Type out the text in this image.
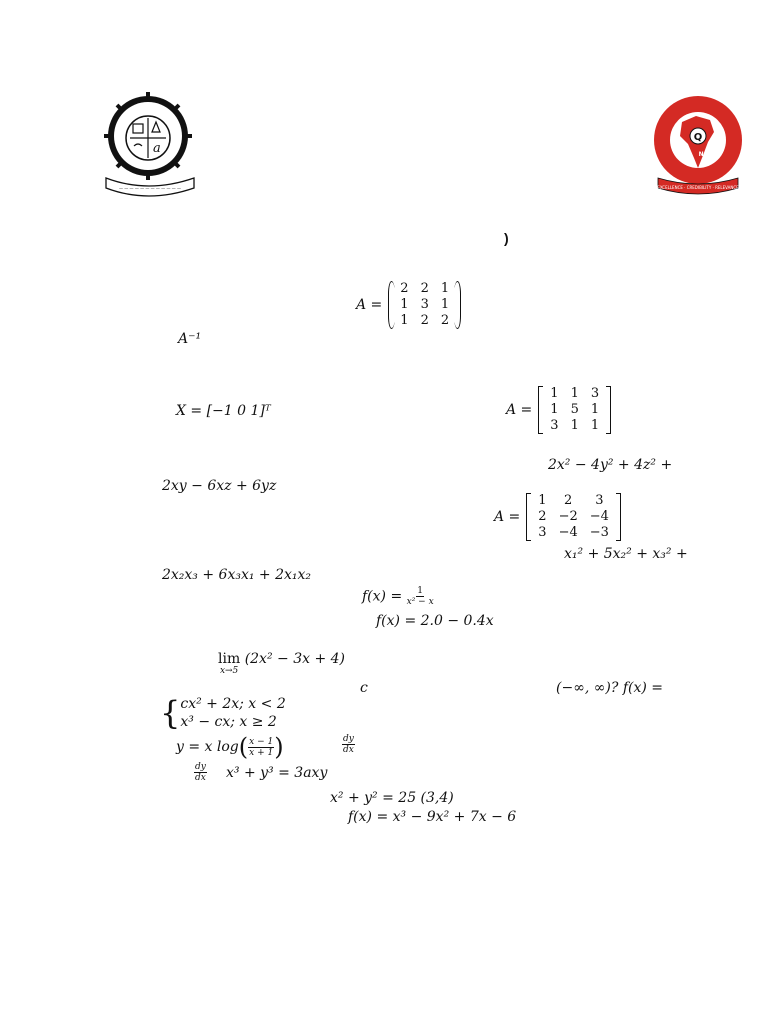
a
— — — — — — — — — — — —
Q
NAAC
EXCELLENCE · CREDIBILITY · RELEVANCE
)
A =
2	2	1
1	3	1
1	2	2
A⁻¹
X = [−1 0 1]ᵀ	A =
1	1	3
1	5	1
3	1	1
2x² − 4y² + 4z² +
2xy − 6xz + 6yz
A =
1	2	3
2	−2	−4
3	−4	−3
x₁² + 5x₂² + x₃² +
2x₂x₃ + 6x₃x₁ + 2x₁x₂
$f(x) = \frac{1}{\text{x² − x}}$
f(x) = 2.0 − 0.4x
lim
x→5
(2x² − 3x + 4)
c	(−∞, ∞)? f(x) =
{ cx² + 2x; x < 2
x³ − cx; x ≥ 2
y = x log ( $\frac{x - 1}{x + 1}$ )	$\frac{dy}{dx}$
$\frac{dy}{dx} x^3 + y^3 = 3axy$
x² + y² = 25 (3,4)
f(x) = x³ − 9x² + 7x − 6
